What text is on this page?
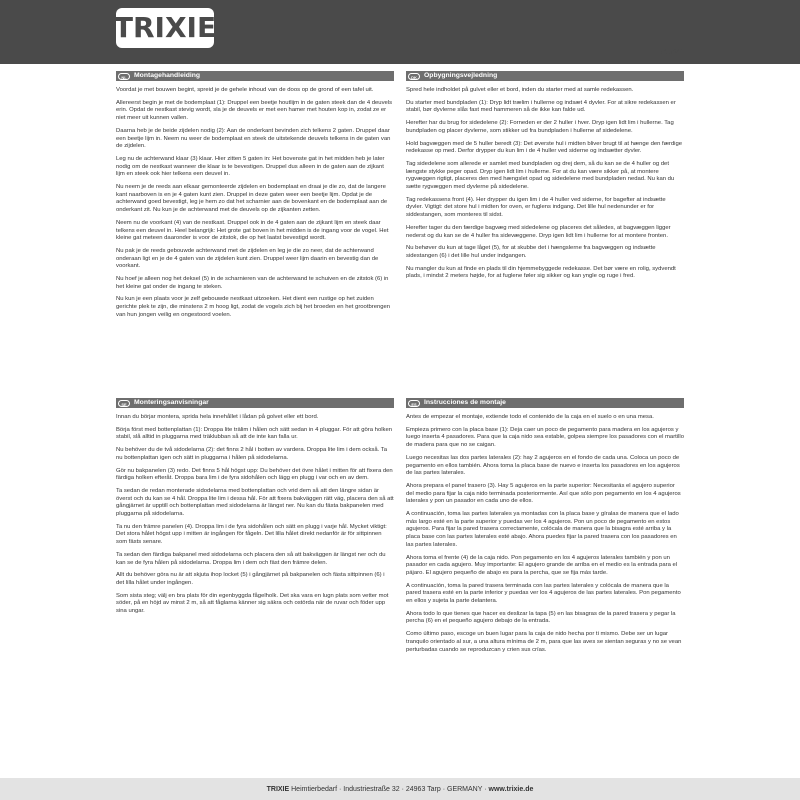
TRIXIE
#55641
NL	Montagehandleiding

Voordat je met bouwen begint, spreid je de gehele inhoud van de doos op de grond of een tafel uit.

Allereerst begin je met de bodemplaat (1): Druppel een beetje houtlijm in de gaten steek dan de 4 deuvels erin. Opdat de nestkast stevig wordt, sla je de deuvels er met een hamer met houten kop in, zodat ze er niet meer uit kunnen vallen.

Daarna heb je de beide zijdelen nodig (2): Aan de onderkant bevinden zich telkens 2 gaten. Druppel daar een beetje lijm in. Neem nu weer de bodemplaat en steek de uitstekende deuvels telkens in de gaten van de zijdelen.

Leg nu de achterwand klaar (3) klaar. Hier zitten 5 gaten in: Het bovenste gat in het midden heb je later nodig om de nestkast wanneer die klaar is te bevestigen. Druppel dus alleen in de gaten aan de zijkant lijm en steek ook hier telkens een deuvel in.

Nu neem je de reeds aan elkaar gemonteerde zijdelen en bodemplaat en draai je die zo, dat de langere kant naarboven is en je 4 gaten kunt zien. Druppel in deze gaten weer een beetje lijm. Opdat je de achterwand goed bevestigt, leg je hem zo dat het scharnier aan de bovenkant en de bodemplaat aan de onderkant zit. Nu kun je de achterwand met de deuvels op de zijkanten zetten.

Neem nu de voorkant (4) van de nestkast. Druppel ook in de 4 gaten aan de zijkant lijm en steek daar telkens een deuvel in. Heel belangrijk: Het grote gat boven in het midden is de ingang voor de vogel. Het kleine gat meteen daaronder is voor de zitstok, die op het laatst bevestigd wordt.

Nu pak je de reeds gebouwde achterwand met de zijdelen en leg je die zo neer, dat de achterwand onderaan ligt en je de 4 gaten van de zijdelen kunt zien. Druppel weer lijm daarin en bevestig dan de voorkant.

Nu hoef je alleen nog het deksel (5) in de scharnieren van de achterwand te schuiven en de zitstok (6) in het kleine gat onder de ingang te steken.

Nu kun je een plaats voor je zelf gebouwde nestkast uitzoeken. Het dient een rustige op het zuiden gerichte plek te zijn, die minstens 2 m hoog ligt, zodat de vogels zich bij het broeden en het grootbrengen van hun jongen veilig en ongestoord voelen.

DK	Opbygningsvejledning

Spred hele indholdet på gulvet eller et bord, inden du starter med at samle redekassen.

Du starter med bundpladen (1): Dryp lidt trælim i hullerne og indsæt 4 dyvler. For at sikre redekassen er stabil, bør dyvlerne slås fast med hammeren så de ikke kan falde ud.

Herefter har du brug for sidedelene (2): Forneden er der 2 huller i hver. Dryp igen lidt lim i hullerne. Tag bundpladen og placer dyvlerne, som stikker ud fra bundpladen i hullerne af sidedelene.

Hold bagvæggen med de 5 huller beredt (3): Det øverste hul i midten bliver brugt til at hænge den færdige redekasse op med. Derfor drypper du kun lim i de 4 huller ved siderne og indsætter dyvler.

Tag sidedelene som allerede er samlet med bundpladen og drej dem, så du kan se de 4 huller og det længste stykke peger opad. Dryp igen lidt lim i hullerne. For at du kan være sikker på, at montere rygvæggen rigtigt, placeres den med hængslet opad og sidedelene med bundpladen nedad. Nu kan du sætte rygvæggen med dyvlerne på sidedelene.

Tag redekassens front (4). Her drypper du igen lim i de 4 huller ved siderne, for bagefter at indsætte dyvler. Vigtigt: det store hul i midten for oven, er fuglens indgang. Det lille hul nedenunder er for siddestangen, som monteres til sidst.

Herefter tager du den færdige bagvæg med sidedelene og placeres det således, at bagvæggen ligger nederst og du kan se de 4 huller fra sidevæggene. Dryp igen lidt lim i hullerne for at montere fronten.

Nu behøver du kun at tage låget (5), for at skubbe det i hængslerne fra bagvæggen og indsætte sidestangen (6) i det lille hul under indgangen.

Nu mangler du kun at finde en plads til din hjemmebyggede redekasse. Det bør være en rolig, sydvendt plads, i mindst 2 meters højde, for at fuglene føler sig sikker og kan yngle og ruge i fred.

SE	Monteringsanvisningar

Innan du börjar montera, sprida hela innehållet i lådan på golvet eller ett bord.

Börja först med bottenplattan (1): Droppa lite trälim i hålen och sätt sedan in 4 pluggar. För att göra holken stabil, slå alltid in pluggarna med träklubban så att de inte kan falla ur.

Nu behöver du de två sidodelarna (2): det finns 2 hål i botten av vardera. Droppa lite lim i dem också. Ta nu bottenplattan igen och sätt in pluggarna i hålen på sidodelarna.

Gör nu bakpanelen (3) redo. Det finns 5 hål högst upp: Du behöver det övre hålet i mitten för att fixera den färdiga holken efteråt. Droppa bara lim i de fyra sidohålen och lägg en plugg i var och en av dem.

Ta sedan de redan monterade sidodelarna med bottenplattan och vrid dem så att den längre sidan är överst och du kan se 4 hål. Droppa lite lim i dessa hål. För att fixera bakväggen rätt väg, placera den så att gångjärnet är upptill och bottenplattan med sidodelarna är längst ner. Nu kan du fästa bakpanelen med pluggarna på sidodelarna.

Ta nu den främre panelen (4). Droppa lim i de fyra sidohålen och sätt en plugg i varje hål. Mycket viktigt: Det stora hålet högst upp i mitten är ingången för fågeln. Det lilla hålet direkt nedanför är för sittpinnen som fästs senare.

Ta sedan den färdiga bakpanel med sidodelarna och placera den så att bakväggen är längst ner och du kan se de fyra hålen på sidodelarna. Droppa lim i dem och fäst den främre delen.

Allt du behöver göra nu är att skjuta ihop locket (5) i gångjärnet på bakpanelen och fästa sittpinnen (6) i det lilla hålet under ingången.

Som sista steg; välj en bra plats för din egenbyggda fågelholk. Det ska vara en lugn plats som vetter mot söder, på en höjd av minst 2 m, så att fåglarna känner sig säkra och ostörda när de ruvar och föder upp sina ungar.

ES	Instrucciones de montaje

Antes de empezar el montaje, extiende todo el contenido de la caja en el suelo o en una mesa.

Empieza primero con la placa base (1): Deja caer un poco de pegamento para madera en los agujeros y luego inserta 4 pasadores. Para que la caja nido sea estable, golpea siempre los pasadores con el martillo de madera para que no se caigan.

Luego necesitas las dos partes laterales (2): hay 2 agujeros en el fondo de cada una. Coloca un poco de pegamento en ellos también. Ahora toma la placa base de nuevo e inserta los pasadores en los agujeros de las partes laterales.

Ahora prepara el panel trasero (3). Hay 5 agujeros en la parte superior: Necesitarás el agujero superior del medio para fijar la caja nido terminada posteriormente. Así que sólo pon pegamento en los 4 agujeros laterales y pon un pasador en cada uno de ellos.

A continuación, toma las partes laterales ya montadas con la placa base y gíralas de manera que el lado más largo esté en la parte superior y puedas ver los 4 agujeros. Pon un poco de pegamento en estos agujeros. Para fijar la pared trasera correctamente, colócala de manera que la bisagra esté arriba y la placa base con las partes laterales esté abajo. Ahora puedes fijar la pared trasera con los pasadores en las partes laterales.

Ahora toma el frente (4) de la caja nido. Pon pegamento en los 4 agujeros laterales también y pon un pasador en cada agujero. Muy importante: El agujero grande de arriba en el medio es la entrada para el pájaro. El agujero pequeño de abajo es para la percha, que se fija más tarde.

A continuación, toma la pared trasera terminada con las partes laterales y colócala de manera que la pared trasera esté en la parte inferior y puedas ver los 4 agujeros de las partes laterales. Pon pegamento en ellos y sujeta la parte delantera.

Ahora todo lo que tienes que hacer es deslizar la tapa (5) en las bisagras de la pared trasera y pegar la percha (6) en el pequeño agujero debajo de la entrada.

Como último paso, escoge un buen lugar para la caja de nido hecha por ti mismo. Debe ser un lugar tranquilo orientado al sur, a una altura mínima de 2 m, para que las aves se sientan seguras y no se vean perturbadas cuando se reproduzcan y crien sus crías.

TRIXIE Heimtierbedarf · Industriestraße 32 · 24963 Tarp · GERMANY · www.trixie.de
